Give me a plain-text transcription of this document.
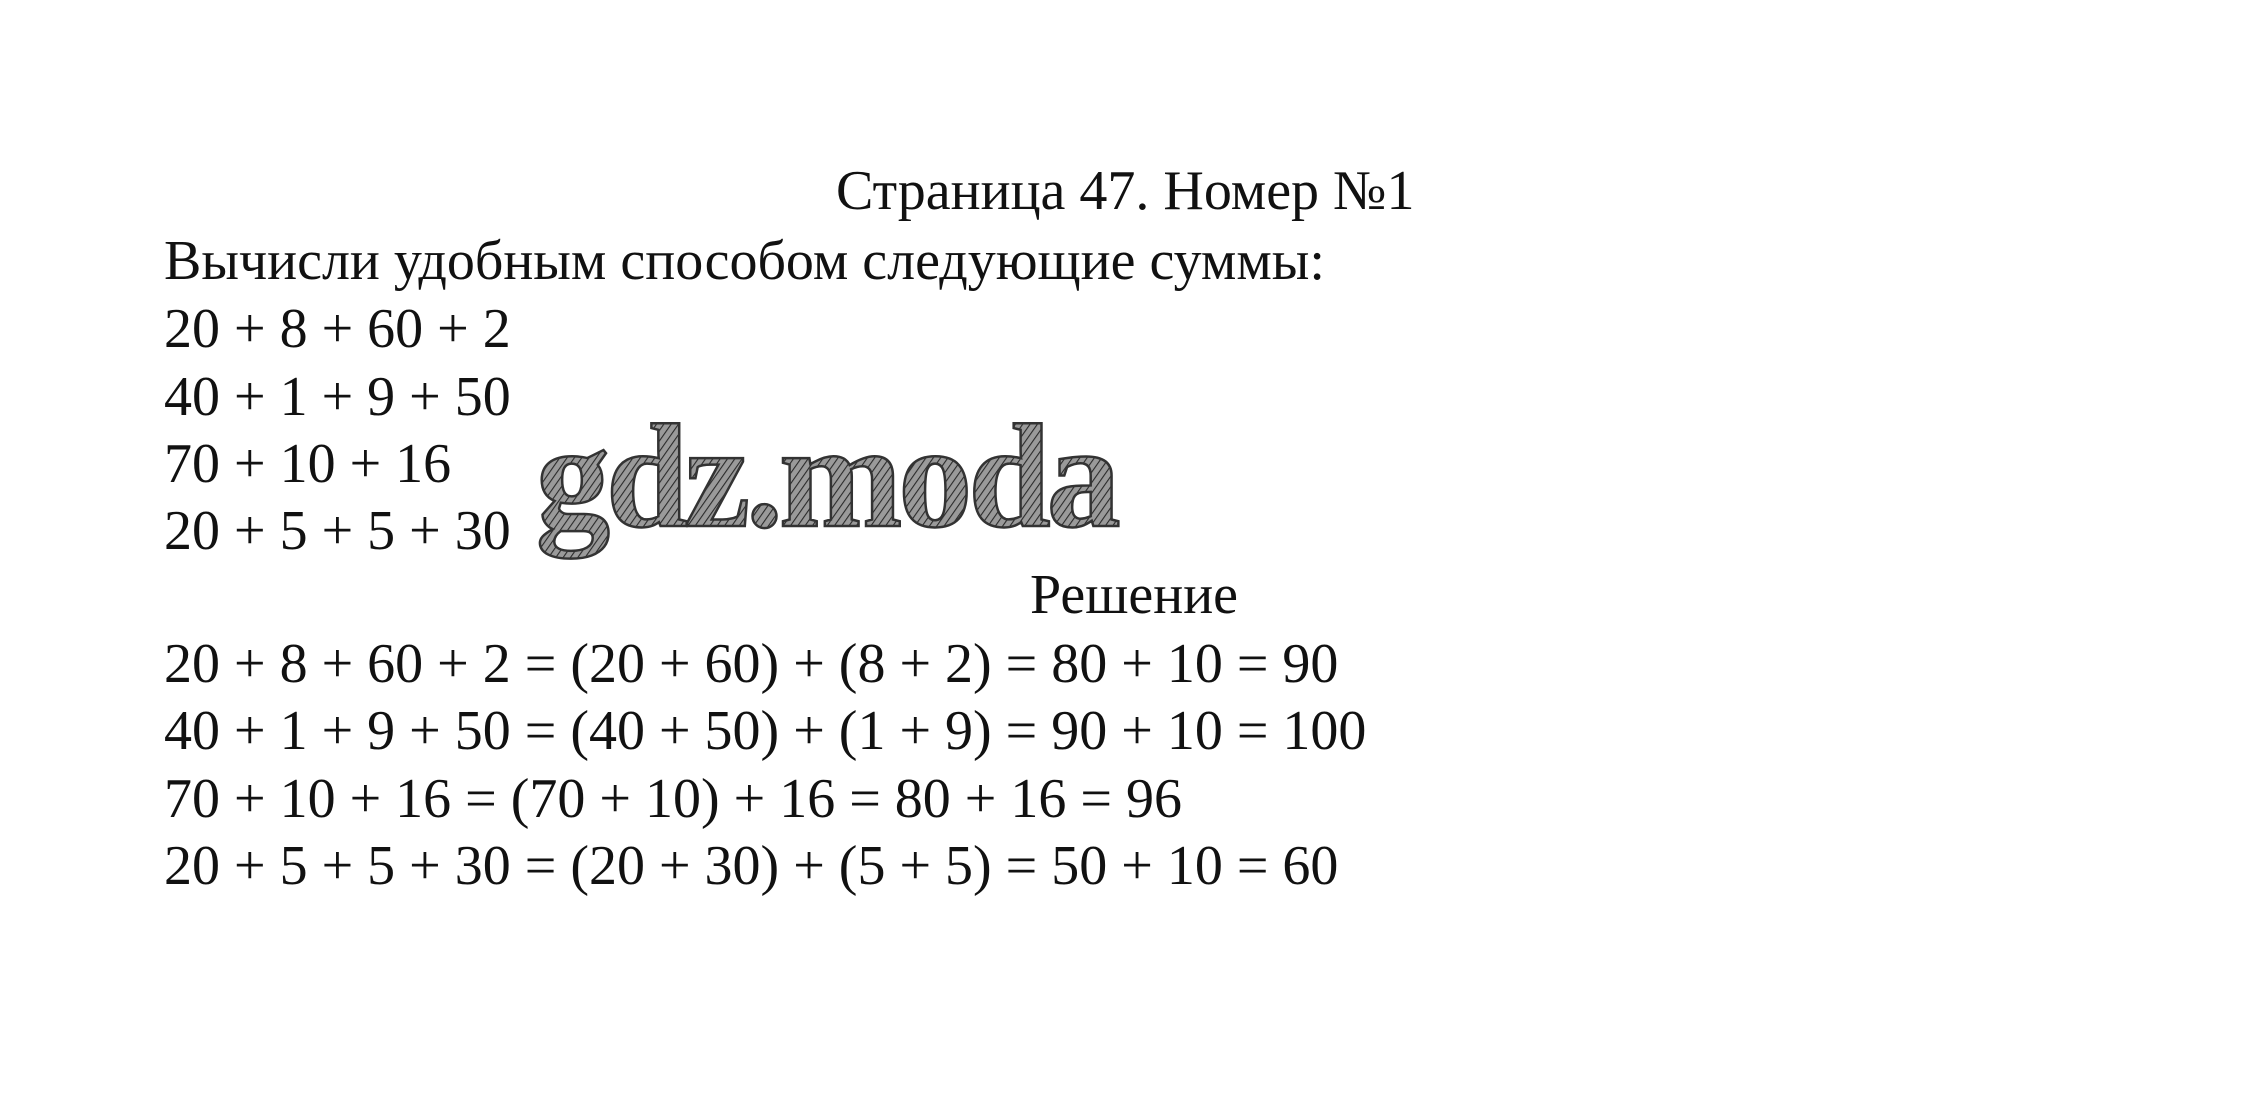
Страница 47. Номер №1
Вычисли удобным способом следующие суммы:
20 + 8 + 60 + 2
40 + 1 + 9 + 50
70 + 10 + 16
20 + 5 + 5 + 30
Решение
20 + 8 + 60 + 2 = (20 + 60) + (8 + 2) = 80 + 10 = 90
40 + 1 + 9 + 50 = (40 + 50) + (1 + 9) = 90 + 10 = 100
70 + 10 + 16 = (70 + 10) + 16 = 80 + 16 = 96
20 + 5 + 5 + 30 = (20 + 30) + (5 + 5) = 50 + 10 = 60
gdz.moda
